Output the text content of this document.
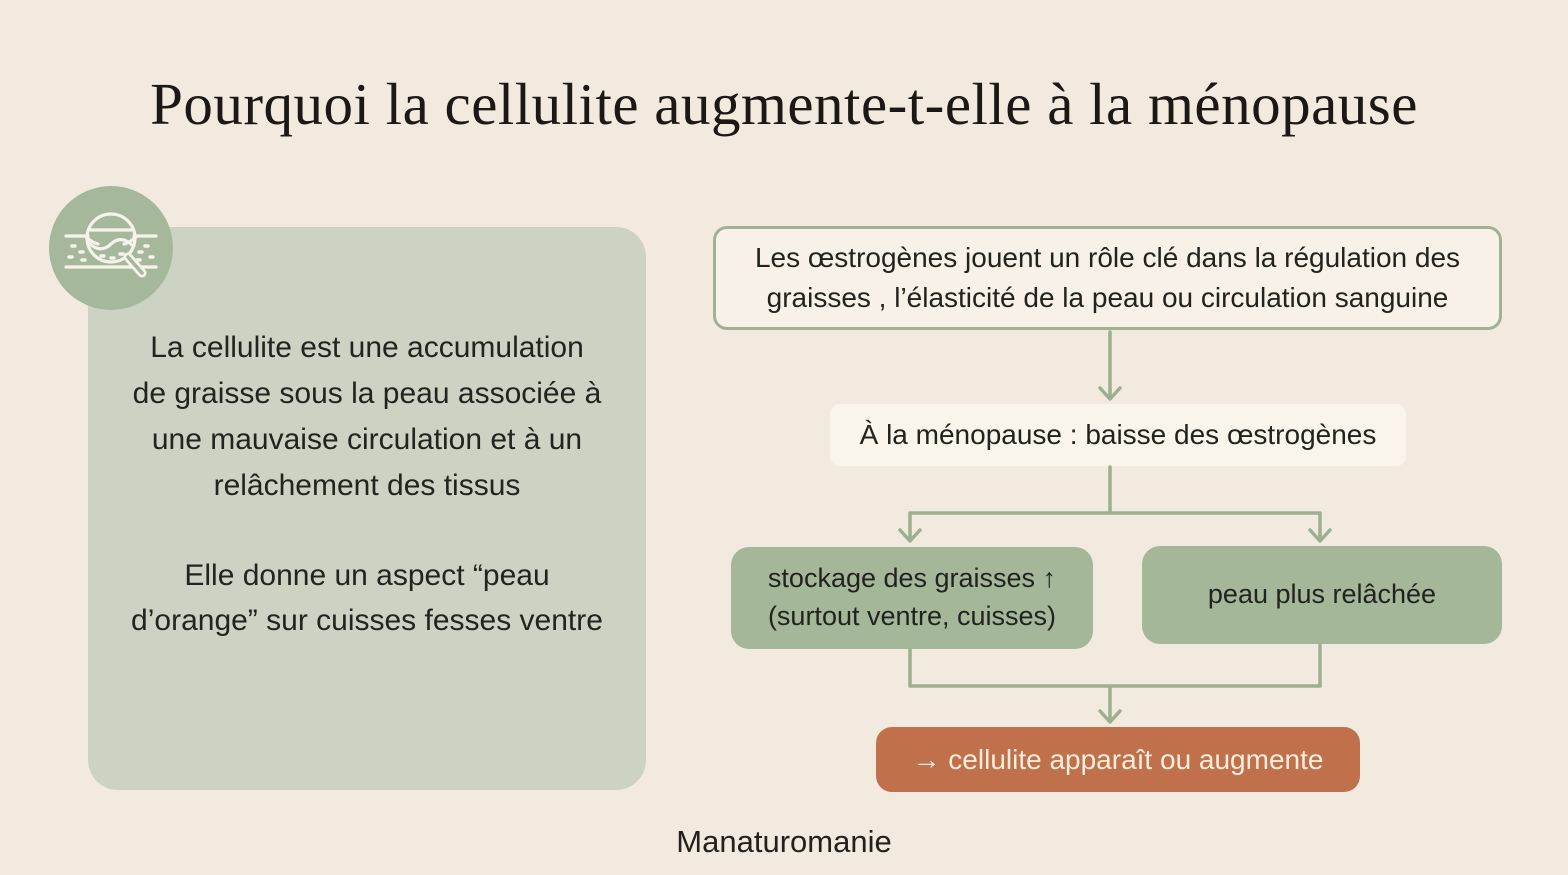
Pourquoi la cellulite augmente-t-elle à la ménopause

La cellulite est une accumulation de graisse sous la peau associée à une mauvaise circulation et à un relâchement des tissus

Elle donne un aspect “peau d’orange” sur cuisses fesses ventre

Les œstrogènes jouent un rôle clé dans la régulation des graisses , l’élasticité de la peau ou circulation sanguine
À la ménopause : baisse des œstrogènes
stockage des graisses ↑
(surtout ventre, cuisses)
peau plus relâchée
→ cellulite apparaît ou augmente
Manaturomanie
